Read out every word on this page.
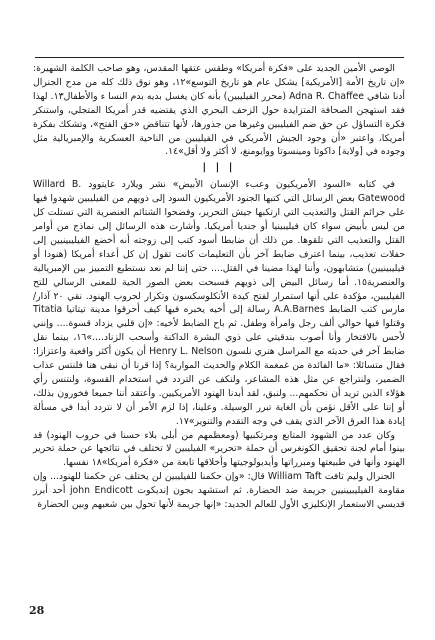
الوصي الأمين الجديد على «فكرة أمريكا» وطقس عتقها المقدس، وهو صاحب الكلمة الشهيرة: «إن تاريخ الأمة [الأمريكية] يشكل عام هو تاريخ التوسع»١٢، وهو نوق ذلك كله من مدح الجنرال أدنا شافي Adna R. Chaffee (محرر الفيليبين) بأنه كان يغسل بديه بدم النسا ء والأطفال١٣. لهذا فقد استهجن الصحافة المتزايدة حول الزحف البحري الذي يقتضيه قدر أمريكا المتجلي، واستنكر فكرة التساؤل عن حق ضم الفيليبين وغيرها من جذورها، لأنها تتناقض «حق الفتح»، وتشكك بفكرة أمريكا، واعتبر «أن وجود الجيش الأمريكي في الفيليبين من الناحية العسكرية والإمبريالية مثل وجوده في [ولاية] داكوتا ومينسوتا ووايومنغ، لا أكثر ولا أقل»١٤.

| | |

في كتابه «السود الأمريكيون وعبء الإنسان الأبيض» نشر ويلارد غايتوود Willard B. Gatewood بعض الرسائل التي كتبها الجنود الأمريكيون السود إلى ذويهم من الفيليبين شهدوا فيها على جرائم القتل والتعذيب التي ارتكبها جيش التحرير، وفضحوا الشتائم العنصرية التي تستلت كل من ليس بأبيض سواء كان فيليبينيا أو جنديا أمريكيا. وأشارت هذه الرسائل إلى نماذج من أوامر القتل والتعذيب التي تلقوها. من ذلك أن ضابطا أسود كتب إلى زوجته أنه أخضع الفيليبينيين إلى حفلات تعذيب، بينما اعترف ضابط آخر بأن التعليمات كانت تقول إن كل أعداء أمريكا (هنودا أو فيليبينيين) متشابهون، وأننا لهذا مضينا في القتل.... حتى إننا لم نعد نستطيع التمييز بين الإمبريالية والعنصرية١٥. أما رسائل البيض إلى ذويهم فسبحت بعض الصور الحية للمعنى الرسالي للتح الفيليبين، مؤكدة على أنها استمرار لفتح كيدة الأنكلوسكسون وتكرار لحروب الهنود. نقي ٢٠ آذار/مارس كتب الضابط A.A.Barnes رسالة إلى أخيه يخبره فيها كيف أحرقوا مدينة تيتاتيا Titatia وقتلوا فيها حوالي ألف رجل وامرأة وطفل. ثم باح الضابط لأخيه: «إن قلبي يزداد قسوة.... وإنني لأحس بالافتخار وأنا أصوب بندقيتي على ذوي البشرة الداكنة وأسحب الزناد....»١٦، بينما نقل ضابط آخر في حديثه مع المراسل هنري نلسون Henry L. Nelson أن يكون أكثر واقعية واعتزازا: فقال متسائلا: «ما الفائدة من غمغمة الكلام والحديث المواربة؟ إذا قرنا أن نبقى هنا فلنتس عذاب الضمير، ولنتراجع عن مثل هذه المشاعر، ولنكف عن التردد في استخدام القسوة، ولنتنس رأي هؤلاء الذين تريد أن نحكمهم... ولنبق، لقد أبدنا الهنود الأمريكيين. وأعتقد أننا جميعا فخورون بذلك، أو إننا على الأقل نؤمن بأن الغاية تبرر الوسيلة. وعلينا، إذا لزم الأمر أن لا نتردد أبدا في مسألة إبادة هذا العرق الآخر الذي يقف في وجه التقدم والتنوير»١٧.

وكان عدد من الشهود المتابع ومرتكبيها (ومعظمهم من أبلى بلاء حسنا في حروب الهنود) قد بينوا أمام لجنة تحقيق الكونغرس أن حملة «تحرير» الفيليبين لا تختلف في نتائجها عن حملة تحرير الهنود وأنها في طبيعتها ومبرراتها وأيديولوجيتها وأخلاقها تابعة من «فكرة أمريكا»١٨ نفسها.

الجنرال وليم تافت William Taft قال: «وإن حكمنا للفيليبين لن يختلف عن حكمنا للهنود... وإن مقاومة الفيليبيينيين جريمة ضد الحضارة. ثم استشهد بجون إنديكوت john Endicott أحد أبرز قديسي الاستعمار الإنكليزي الأول للعالم الجديد: «إنها جريمة لأنها تحول بين شعبهم وبين الحضارة

28
